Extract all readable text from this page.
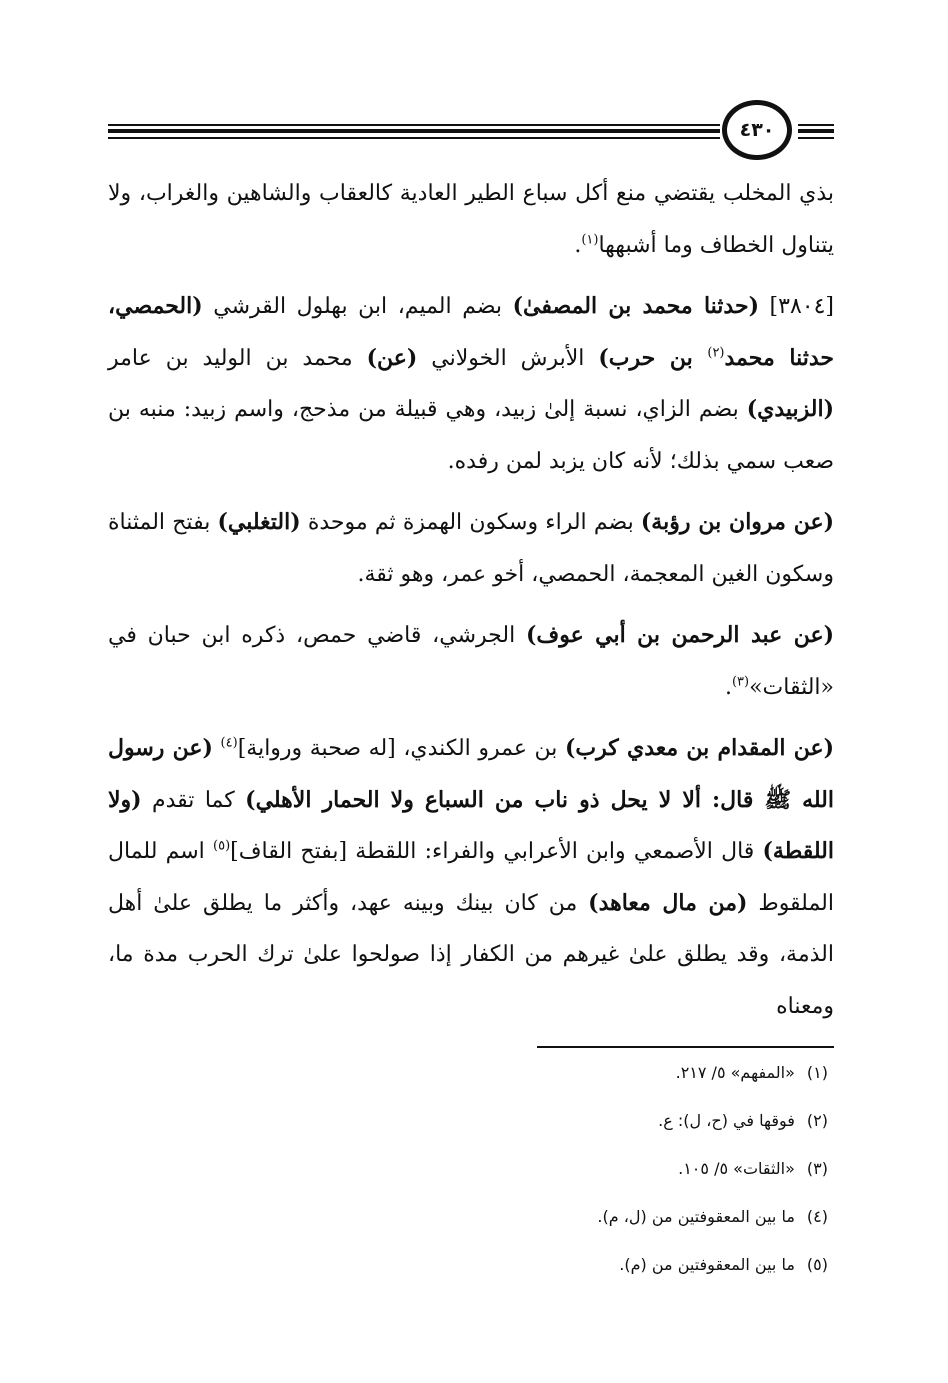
٤٣٠

بذي المخلب يقتضي منع أكل سباع الطير العادية كالعقاب والشاهين والغراب، ولا يتناول الخطاف وما أشبهها$^{(١)}$.

[٣٨٠٤] (حدثنا محمد بن المصفىٰ) بضم الميم، ابن بهلول القرشي (الحمصي، حدثنا محمد$^{(٢)}$ بن حرب) الأبرش الخولاني (عن) محمد بن الوليد بن عامر (الزبيدي) بضم الزاي، نسبة إلىٰ زبيد، وهي قبيلة من مذحج، واسم زبيد: منبه بن صعب سمي بذلك؛ لأنه كان يزبد لمن رفده.

(عن مروان بن رؤبة) بضم الراء وسكون الهمزة ثم موحدة (التغلبي) بفتح المثناة وسكون الغين المعجمة، الحمصي، أخو عمر، وهو ثقة.

(عن عبد الرحمن بن أبي عوف) الجرشي، قاضي حمص، ذكره ابن حبان في «الثقات»$^{(٣)}$.

(عن المقدام بن معدي كرب) بن عمرو الكندي، [له صحبة ورواية]$^{(٤)}$ (عن رسول الله ﷺ قال: ألا لا يحل ذو ناب من السباع ولا الحمار الأهلي) كما تقدم (ولا اللقطة) قال الأصمعي وابن الأعرابي والفراء: اللقطة [بفتح القاف]$^{(٥)}$ اسم للمال الملقوط (من مال معاهد) من كان بينك وبينه عهد، وأكثر ما يطلق علىٰ أهل الذمة، وقد يطلق علىٰ غيرهم من الكفار إذا صولحوا علىٰ ترك الحرب مدة ما، ومعناه

(١)«المفهم» ٥/ ٢١٧.
(٢)فوقها في (ح، ل): ع.
(٣)«الثقات» ٥/ ١٠٥.
(٤)ما بين المعقوفتين من (ل، م).
(٥)ما بين المعقوفتين من (م).
